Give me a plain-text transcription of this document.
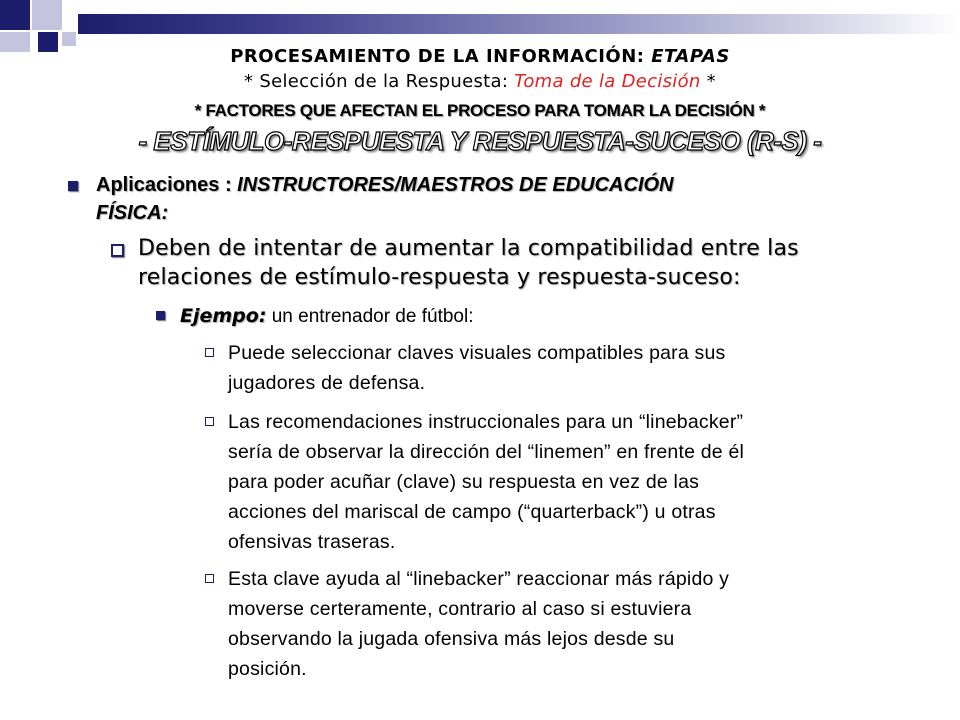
PROCESAMIENTO DE LA INFORMACIÓN: ETAPAS
* Selección de la Respuesta: Toma de la Decisión *
* FACTORES QUE AFECTAN EL PROCESO PARA TOMAR LA DECISIÓN *
- ESTÍMULO-RESPUESTA Y RESPUESTA-SUCESO (R-S) -
Aplicaciones : INSTRUCTORES/MAESTROS DE EDUCACIÓN
FÍSICA:
Deben de intentar de aumentar la compatibilidad entre las
relaciones de estímulo-respuesta y respuesta-suceso:
Ejempo: un entrenador de fútbol:
Puede seleccionar claves visuales compatibles para sus
jugadores de defensa.
Las recomendaciones instruccionales para un “linebacker”
sería de observar la dirección del “linemen” en frente de él
para poder acuñar (clave) su respuesta en vez de las
acciones del mariscal de campo (“quarterback”) u otras
ofensivas traseras.
Esta clave ayuda al “linebacker” reaccionar más rápido y
moverse certeramente, contrario al caso si estuviera
observando la jugada ofensiva más lejos desde su
posición.
